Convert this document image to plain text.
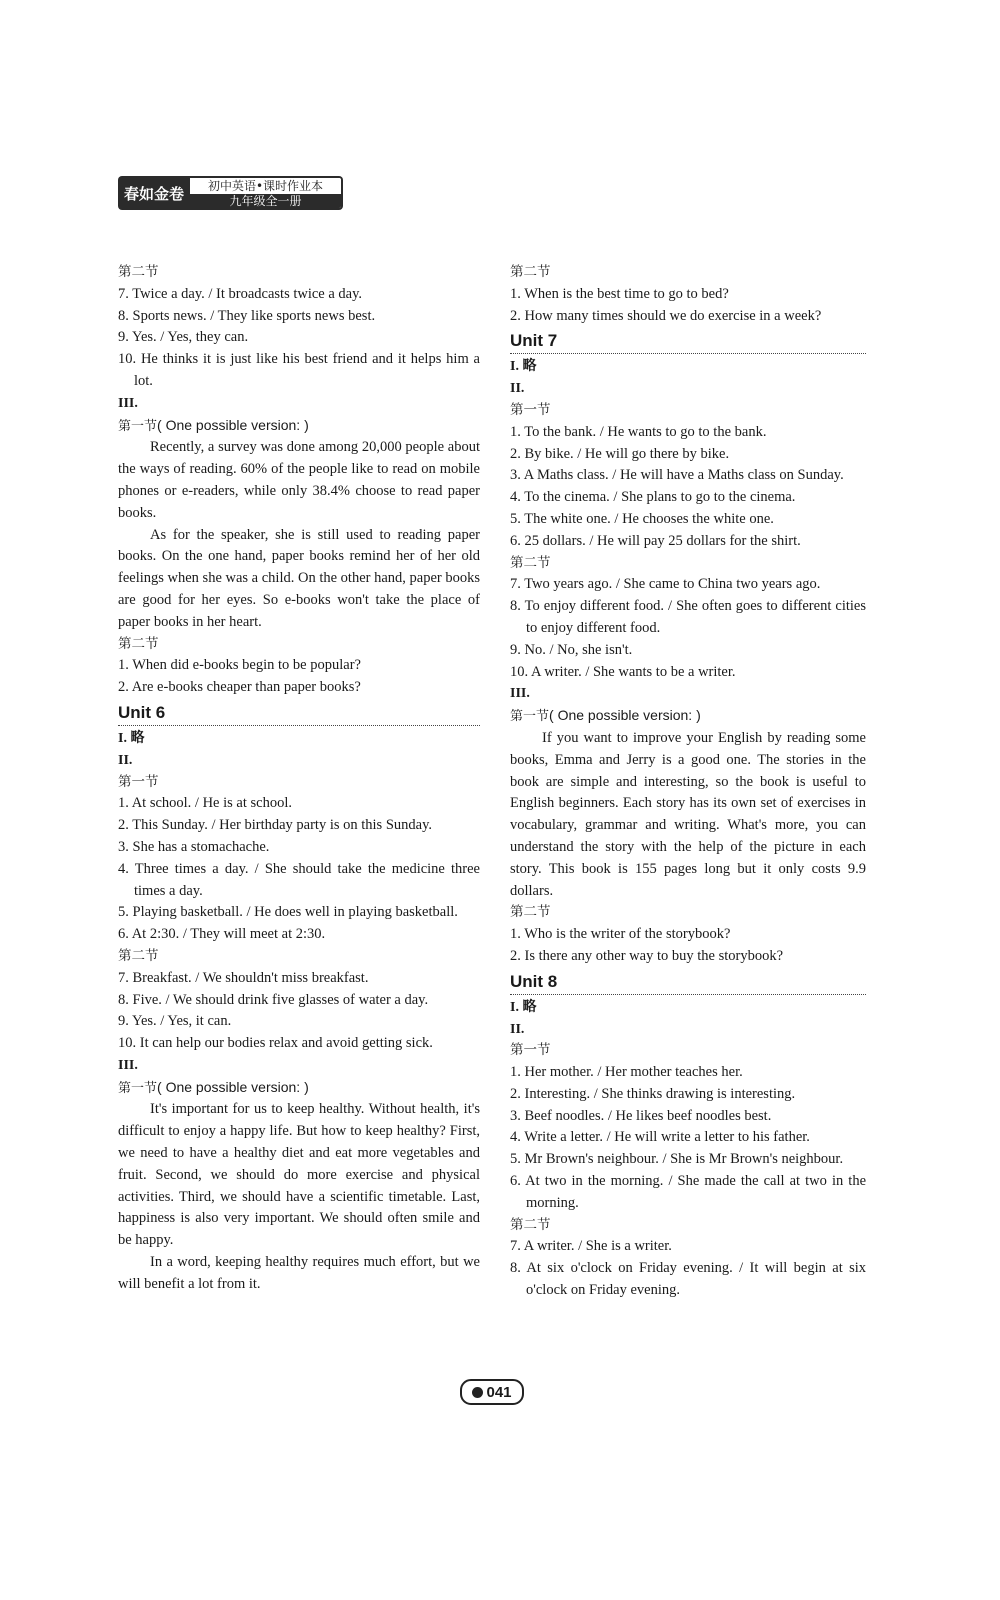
春如金卷	初中英语•课时作业本
九年级全一册
第二节
7. Twice a day. / It broadcasts twice a day.
8. Sports news. / They like sports news best.
9. Yes. / Yes, they can.
10. He thinks it is just like his best friend and it helps him a lot.
III.
第一节( One possible version: )
Recently, a survey was done among 20,000 people about the ways of reading. 60% of the people like to read on mobile phones or e-readers, while only 38.4% choose to read paper books.
As for the speaker, she is still used to reading paper books. On the one hand, paper books remind her of her old feelings when she was a child. On the other hand, paper books are good for her eyes. So e-books won't take the place of paper books in her heart.
第二节
1. When did e-books begin to be popular?
2. Are e-books cheaper than paper books?
Unit 6
I. 略
II.
第一节
1. At school. / He is at school.
2. This Sunday. / Her birthday party is on this Sunday.
3. She has a stomachache.
4. Three times a day. / She should take the medicine three times a day.
5. Playing basketball. / He does well in playing basketball.
6. At 2:30. / They will meet at 2:30.
第二节
7. Breakfast. / We shouldn't miss breakfast.
8. Five. / We should drink five glasses of water a day.
9. Yes. / Yes, it can.
10. It can help our bodies relax and avoid getting sick.
III.
第一节( One possible version: )
It's important for us to keep healthy. Without health, it's difficult to enjoy a happy life. But how to keep healthy? First, we need to have a healthy diet and eat more vegetables and fruit. Second, we should do more exercise and physical activities. Third, we should have a scientific timetable. Last, happiness is also very important. We should often smile and be happy.
In a word, keeping healthy requires much effort, but we will benefit a lot from it.
第二节
1. When is the best time to go to bed?
2. How many times should we do exercise in a week?
Unit 7
I. 略
II.
第一节
1. To the bank. / He wants to go to the bank.
2. By bike. / He will go there by bike.
3. A Maths class. / He will have a Maths class on Sunday.
4. To the cinema. / She plans to go to the cinema.
5. The white one. / He chooses the white one.
6. 25 dollars. / He will pay 25 dollars for the shirt.
第二节
7. Two years ago. / She came to China two years ago.
8. To enjoy different food. / She often goes to different cities to enjoy different food.
9. No. / No, she isn't.
10. A writer. / She wants to be a writer.
III.
第一节( One possible version: )
If you want to improve your English by reading some books, Emma and Jerry is a good one. The stories in the book are simple and interesting, so the book is useful to English beginners. Each story has its own set of exercises in vocabulary, grammar and writing. What's more, you can understand the story with the help of the picture in each story. This book is 155 pages long but it only costs 9.9 dollars.
第二节
1. Who is the writer of the storybook?
2. Is there any other way to buy the storybook?
Unit 8
I. 略
II.
第一节
1. Her mother. / Her mother teaches her.
2. Interesting. / She thinks drawing is interesting.
3. Beef noodles. / He likes beef noodles best.
4. Write a letter. / He will write a letter to his father.
5. Mr Brown's neighbour. / She is Mr Brown's neighbour.
6. At two in the morning. / She made the call at two in the morning.
第二节
7. A writer. / She is a writer.
8. At six o'clock on Friday evening. / It will begin at six o'clock on Friday evening.
041
